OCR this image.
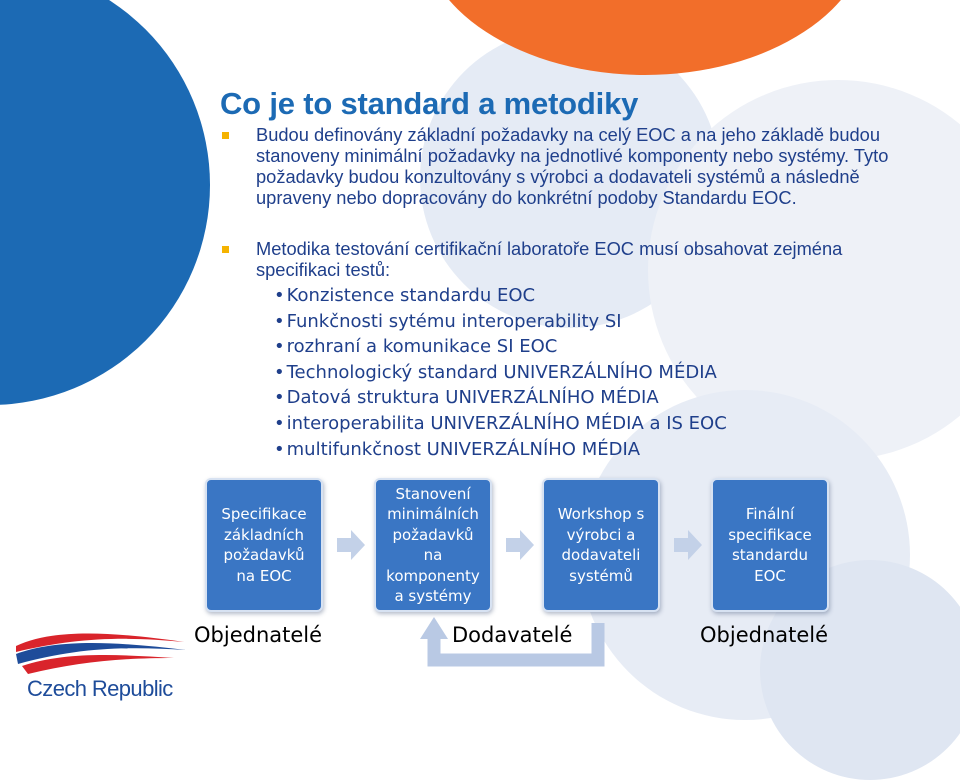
Co je to standard a metodiky

Budou definovány základní požadavky na celý EOC a na jeho základě budou stanoveny minimální požadavky na jednotlivé komponenty nebo systémy. Tyto požadavky budou konzultovány s výrobci a dodavateli systémů a následně upraveny nebo dopracovány do konkrétní podoby Standardu EOC.

Metodika testování certifikační laboratoře EOC musí obsahovat zejména specifikaci testů:

• Konzistence standardu EOC
• Funkčnosti sytému interoperability SI
• rozhraní a komunikace SI EOC
• Technologický standard UNIVERZÁLNÍHO MÉDIA
• Datová struktura UNIVERZÁLNÍHO MÉDIA
• interoperabilita UNIVERZÁLNÍHO MÉDIA a IS EOC
• multifunkčnost UNIVERZÁLNÍHO MÉDIA
Specifikace základních požadavků na EOC
Stanovení minimálních požadavků na komponenty a systémy
Workshop s výrobci a dodavateli systémů
Finální specifikace standardu EOC
Objednatelé	Dodavatelé	Objednatelé
Czech Republic
